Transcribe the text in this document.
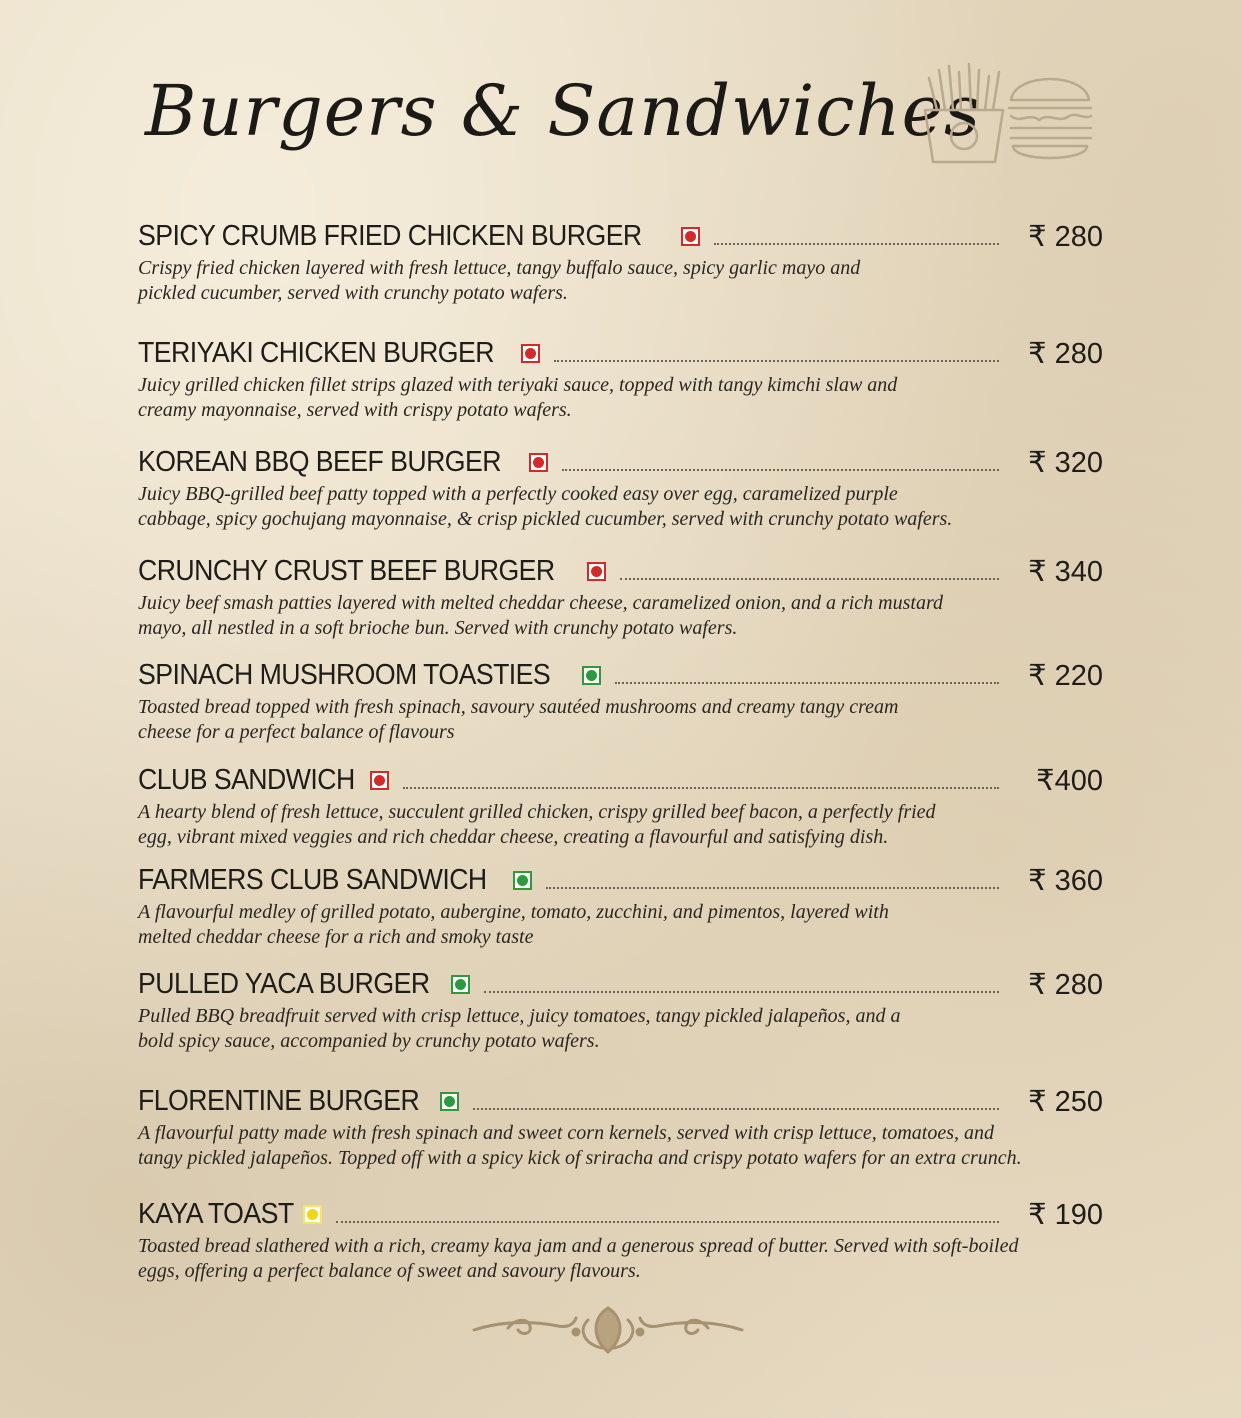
Burgers & Sandwiches
SPICY CRUMB FRIED CHICKEN BURGER	₹ 280

Crispy fried chicken layered with fresh lettuce, tangy buffalo sauce, spicy garlic mayo and
pickled cucumber, served with crunchy potato wafers.

TERIYAKI CHICKEN BURGER	₹ 280

Juicy grilled chicken fillet strips glazed with teriyaki sauce, topped with tangy kimchi slaw and
creamy mayonnaise, served with crispy potato wafers.

KOREAN BBQ BEEF BURGER	₹ 320

Juicy BBQ-grilled beef patty topped with a perfectly cooked easy over egg, caramelized purple
cabbage, spicy gochujang mayonnaise, & crisp pickled cucumber, served with crunchy potato wafers.

CRUNCHY CRUST BEEF BURGER	₹ 340

Juicy beef smash patties layered with melted cheddar cheese, caramelized onion, and a rich mustard
mayo, all nestled in a soft brioche bun. Served with crunchy potato wafers.

SPINACH MUSHROOM TOASTIES	₹ 220

Toasted bread topped with fresh spinach, savoury sautéed mushrooms and creamy tangy cream
cheese for a perfect balance of flavours

CLUB SANDWICH	₹400

A hearty blend of fresh lettuce, succulent grilled chicken, crispy grilled beef bacon, a perfectly fried
egg, vibrant mixed veggies and rich cheddar cheese, creating a flavourful and satisfying dish.

FARMERS CLUB SANDWICH	₹ 360

A flavourful medley of grilled potato, aubergine, tomato, zucchini, and pimentos, layered with
melted cheddar cheese for a rich and smoky taste

PULLED YACA BURGER	₹ 280

Pulled BBQ breadfruit served with crisp lettuce, juicy tomatoes, tangy pickled jalapeños, and a
bold spicy sauce, accompanied by crunchy potato wafers.

FLORENTINE BURGER	₹ 250

A flavourful patty made with fresh spinach and sweet corn kernels, served with crisp lettuce, tomatoes, and
tangy pickled jalapeños. Topped off with a spicy kick of sriracha and crispy potato wafers for an extra crunch.

KAYA TOAST	₹ 190

Toasted bread slathered with a rich, creamy kaya jam and a generous spread of butter. Served with soft-boiled
eggs, offering a perfect balance of sweet and savoury flavours.
